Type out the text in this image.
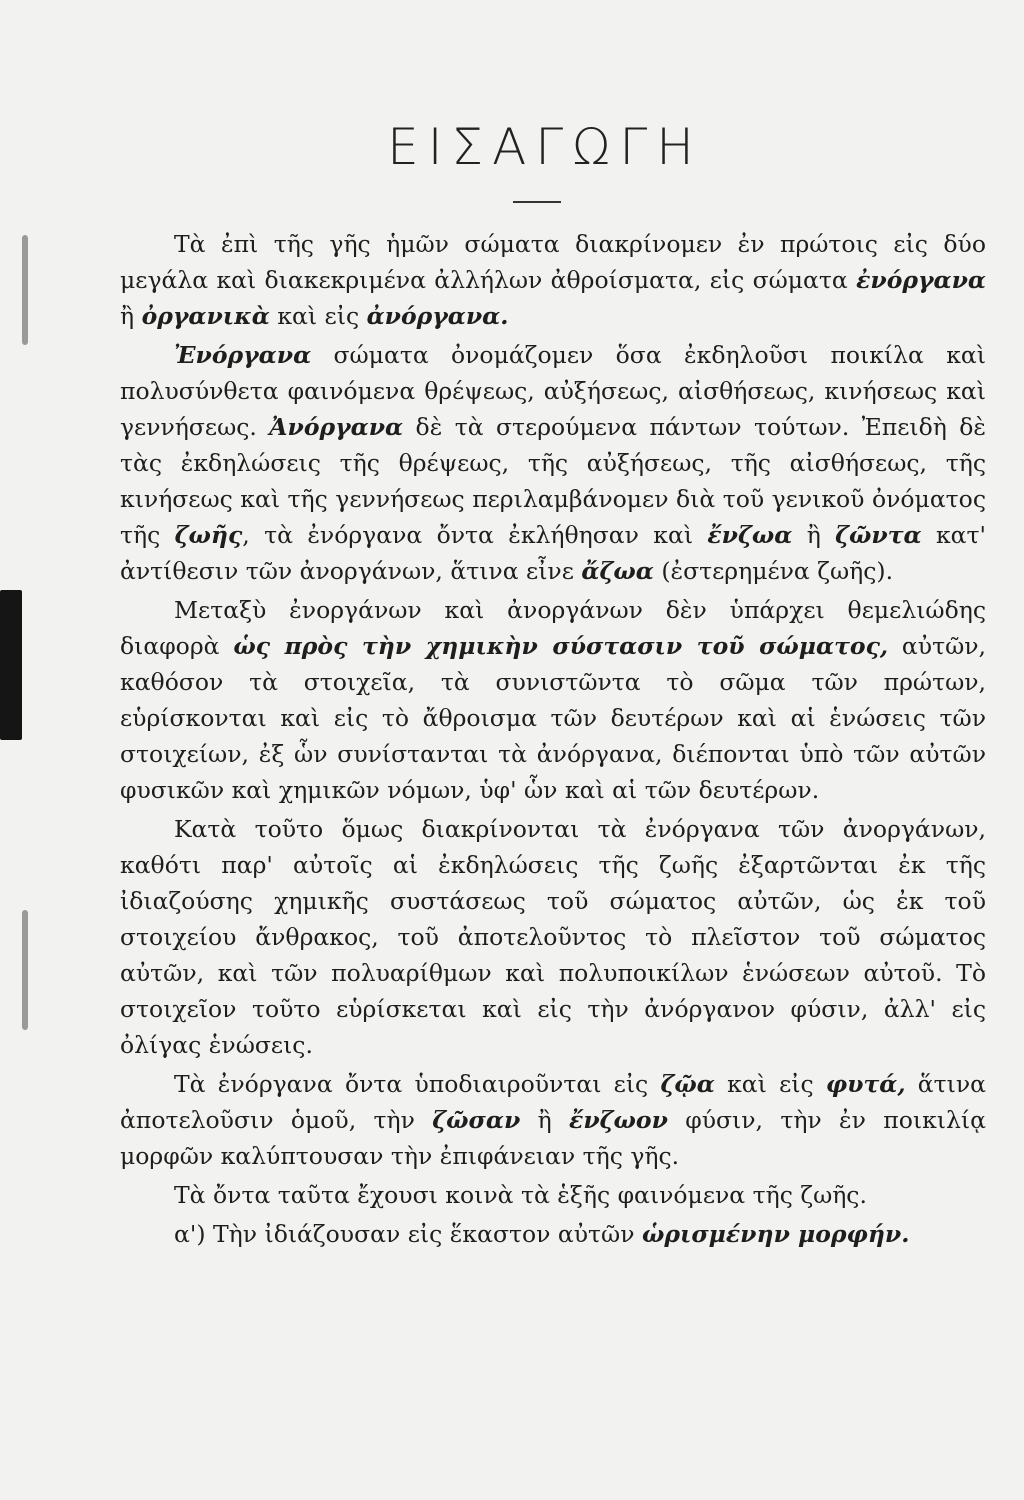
ΕΙΣΑΓΩΓΗ

Τὰ ἐπὶ τῆς γῆς ἡμῶν σώματα διακρίνομεν ἐν πρώτοις εἰς δύο μεγάλα καὶ διακεκριμένα ἀλλήλων ἀθροίσματα, εἰς σώματα ἐνόργανα ἢ ὀργανικὰ καὶ εἰς ἀνόργανα.

Ἐνόργανα σώματα ὀνομάζομεν ὅσα ἐκδηλοῦσι ποικίλα καὶ πολυσύνθετα φαινόμενα θρέψεως, αὐξήσεως, αἰσθήσεως, κινήσεως καὶ γεννήσεως. Ἀνόργανα δὲ τὰ στερούμενα πάντων τούτων. Ἐπειδὴ δὲ τὰς ἐκδηλώσεις τῆς θρέψεως, τῆς αὐξήσεως, τῆς αἰσθήσεως, τῆς κινήσεως καὶ τῆς γεννήσεως περιλαμβάνομεν διὰ τοῦ γενικοῦ ὀνόματος τῆς ζωῆς, τὰ ἐνόργανα ὄντα ἐκλήθησαν καὶ ἔνζωα ἢ ζῶντα κατ' ἀντίθεσιν τῶν ἀνοργάνων, ἅτινα εἶνε ἄζωα (ἐστερημένα ζωῆς).

Μεταξὺ ἐνοργάνων καὶ ἀνοργάνων δὲν ὑπάρχει θεμελιώδης διαφορὰ ὡς πρὸς τὴν χημικὴν σύστασιν τοῦ σώματος, αὐτῶν, καθόσον τὰ στοιχεῖα, τὰ συνιστῶντα τὸ σῶμα τῶν πρώτων, εὑρίσκονται καὶ εἰς τὸ ἄθροισμα τῶν δευτέρων καὶ αἱ ἑνώσεις τῶν στοιχείων, ἐξ ὧν συνίστανται τὰ ἀνόργανα, διέπονται ὑπὸ τῶν αὐτῶν φυσικῶν καὶ χημικῶν νόμων, ὑφ' ὧν καὶ αἱ τῶν δευτέρων.

Κατὰ τοῦτο ὅμως διακρίνονται τὰ ἐνόργανα τῶν ἀνοργάνων, καθότι παρ' αὐτοῖς αἱ ἐκδηλώσεις τῆς ζωῆς ἐξαρτῶνται ἐκ τῆς ἰδιαζούσης χημικῆς συστάσεως τοῦ σώματος αὐτῶν, ὡς ἐκ τοῦ στοιχείου ἄνθρακος, τοῦ ἀποτελοῦντος τὸ πλεῖστον τοῦ σώματος αὐτῶν, καὶ τῶν πολυαρίθμων καὶ πολυποικίλων ἑνώσεων αὐτοῦ. Τὸ στοιχεῖον τοῦτο εὑρίσκεται καὶ εἰς τὴν ἀνόργανον φύσιν, ἀλλ' εἰς ὀλίγας ἑνώσεις.

Τὰ ἐνόργανα ὄντα ὑποδιαιροῦνται εἰς ζῷα καὶ εἰς φυτά, ἅτινα ἀποτελοῦσιν ὁμοῦ, τὴν ζῶσαν ἢ ἔνζωον φύσιν, τὴν ἐν ποικιλίᾳ μορφῶν καλύπτουσαν τὴν ἐπιφάνειαν τῆς γῆς.

Τὰ ὄντα ταῦτα ἔχουσι κοινὰ τὰ ἑξῆς φαινόμενα τῆς ζωῆς.

α') Τὴν ἰδιάζουσαν εἰς ἕκαστον αὐτῶν ὡρισμένην μορφήν.
